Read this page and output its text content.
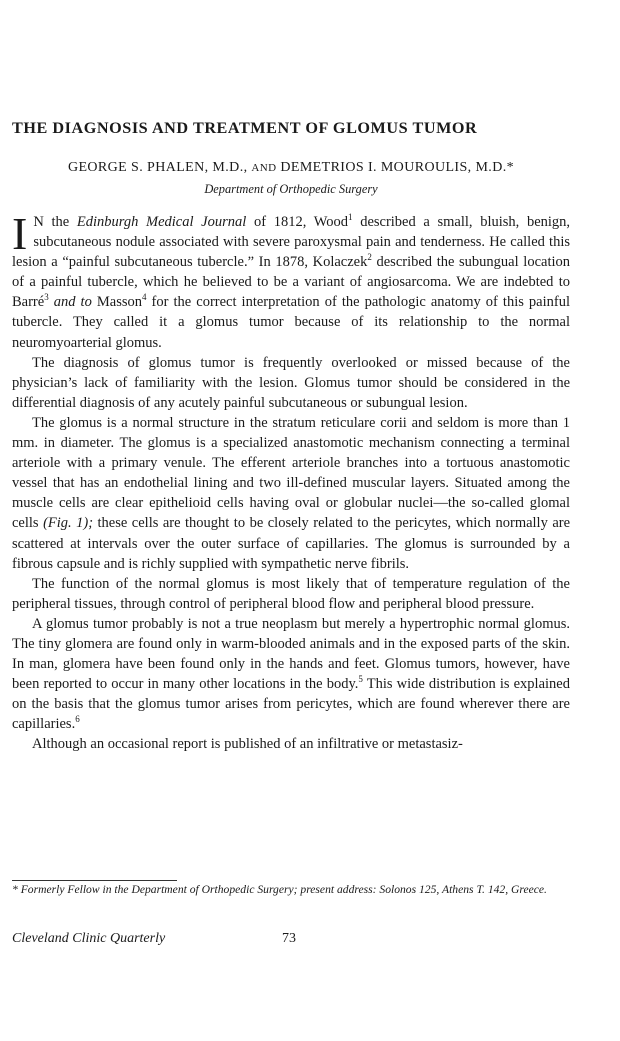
THE DIAGNOSIS AND TREATMENT OF GLOMUS TUMOR
GEORGE S. PHALEN, M.D., AND DEMETRIOS I. MOUROULIS, M.D.*
Department of Orthopedic Surgery

I N the Edinburgh Medical Journal of 1812, Wood$^1$ described a small, bluish, benign, subcutaneous nodule associated with severe paroxysmal pain and tenderness. He called this lesion a “painful subcutaneous tubercle.” In 1878, Kolaczek$^2$ described the subungual location of a painful tubercle, which he believed to be a variant of angiosarcoma. We are indebted to Barré$^3$ and to Masson$^4$ for the correct interpretation of the pathologic anatomy of this painful tubercle. They called it a glomus tumor because of its relationship to the normal neuromyoarterial glomus.

The diagnosis of glomus tumor is frequently overlooked or missed because of the physician’s lack of familiarity with the lesion. Glomus tumor should be considered in the differential diagnosis of any acutely painful subcutaneous or subungual lesion.

The glomus is a normal structure in the stratum reticulare corii and seldom is more than 1 mm. in diameter. The glomus is a specialized anastomotic mechanism connecting a terminal arteriole with a primary venule. The efferent arteriole branches into a tortuous anastomotic vessel that has an endothelial lining and two ill-defined muscular layers. Situated among the muscle cells are clear epithelioid cells having oval or globular nuclei—the so-called glomal cells (Fig. 1); these cells are thought to be closely related to the pericytes, which normally are scattered at intervals over the outer surface of capillaries. The glomus is surrounded by a fibrous capsule and is richly supplied with sympathetic nerve fibrils.

The function of the normal glomus is most likely that of temperature regulation of the peripheral tissues, through control of peripheral blood flow and peripheral blood pressure.

A glomus tumor probably is not a true neoplasm but merely a hypertrophic normal glomus. The tiny glomera are found only in warm-blooded animals and in the exposed parts of the skin. In man, glomera have been found only in the hands and feet. Glomus tumors, however, have been reported to occur in many other locations in the body.$^5$ This wide distribution is explained on the basis that the glomus tumor arises from pericytes, which are found wherever there are capillaries.$^6$

Although an occasional report is published of an infiltrative or metastasiz-

* Formerly Fellow in the Department of Orthopedic Surgery; present address: Solonos 125, Athens T. 142, Greece.
Cleveland Clinic Quarterly	73
